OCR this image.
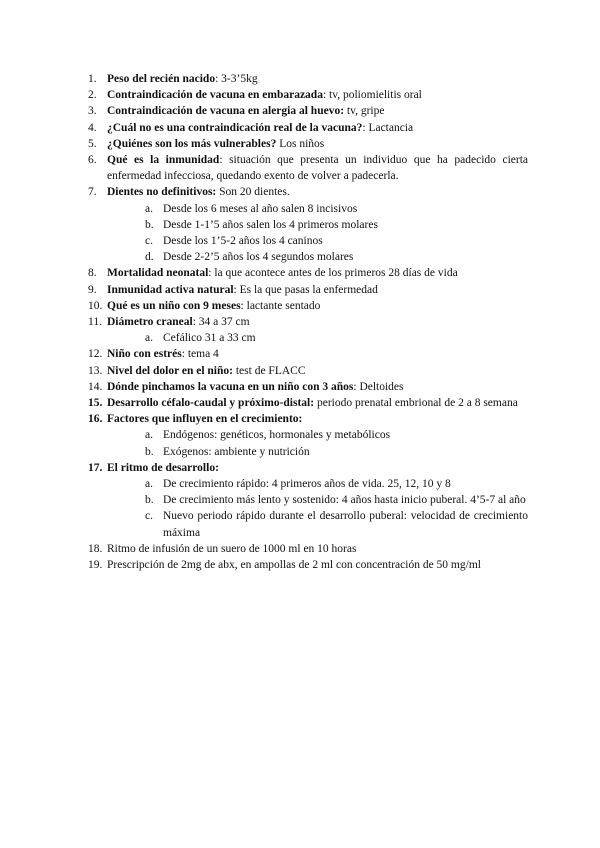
1. Peso del recién nacido: 3-3’5kg
2. Contraindicación de vacuna en embarazada: tv, poliomielitis oral
3. Contraindicación de vacuna en alergia al huevo: tv, gripe
4. ¿Cuál no es una contraindicación real de la vacuna?: Lactancia
5. ¿Quiénes son los más vulnerables? Los niños
6. Qué es la inmunidad: situación que presenta un individuo que ha padecido cierta enfermedad infecciosa, quedando exento de volver a padecerla.
7. Dientes no definitivos: Son 20 dientes.
a. Desde los 6 meses al año salen 8 incisivos
b. Desde 1-1’5 años salen los 4 primeros molares
c. Desde los 1’5-2 años los 4 caninos
d. Desde 2-2’5 años los 4 segundos molares
8. Mortalidad neonatal: la que acontece antes de los primeros 28 días de vida
9. Inmunidad activa natural: Es la que pasas la enfermedad
10. Qué es un niño con 9 meses: lactante sentado
11. Diámetro craneal: 34 a 37 cm
a. Cefálico 31 a 33 cm
12. Niño con estrés: tema 4
13. Nivel del dolor en el niño: test de FLACC
14. Dónde pinchamos la vacuna en un niño con 3 años: Deltoides
15. Desarrollo céfalo-caudal y próximo-distal: periodo prenatal embrional de 2 a 8 semana
16. Factores que influyen en el crecimiento:
a. Endógenos: genéticos, hormonales y metabólicos
b. Exógenos: ambiente y nutrición
17. El ritmo de desarrollo:
a. De crecimiento rápido: 4 primeros años de vida. 25, 12, 10 y 8
b. De crecimiento más lento y sostenido: 4 años hasta inicio puberal. 4’5-7 al año
c. Nuevo periodo rápido durante el desarrollo puberal: velocidad de crecimiento máxima
18. Ritmo de infusión de un suero de 1000 ml en 10 horas
19. Prescripción de 2mg de abx, en ampollas de 2 ml con concentración de 50 mg/ml
